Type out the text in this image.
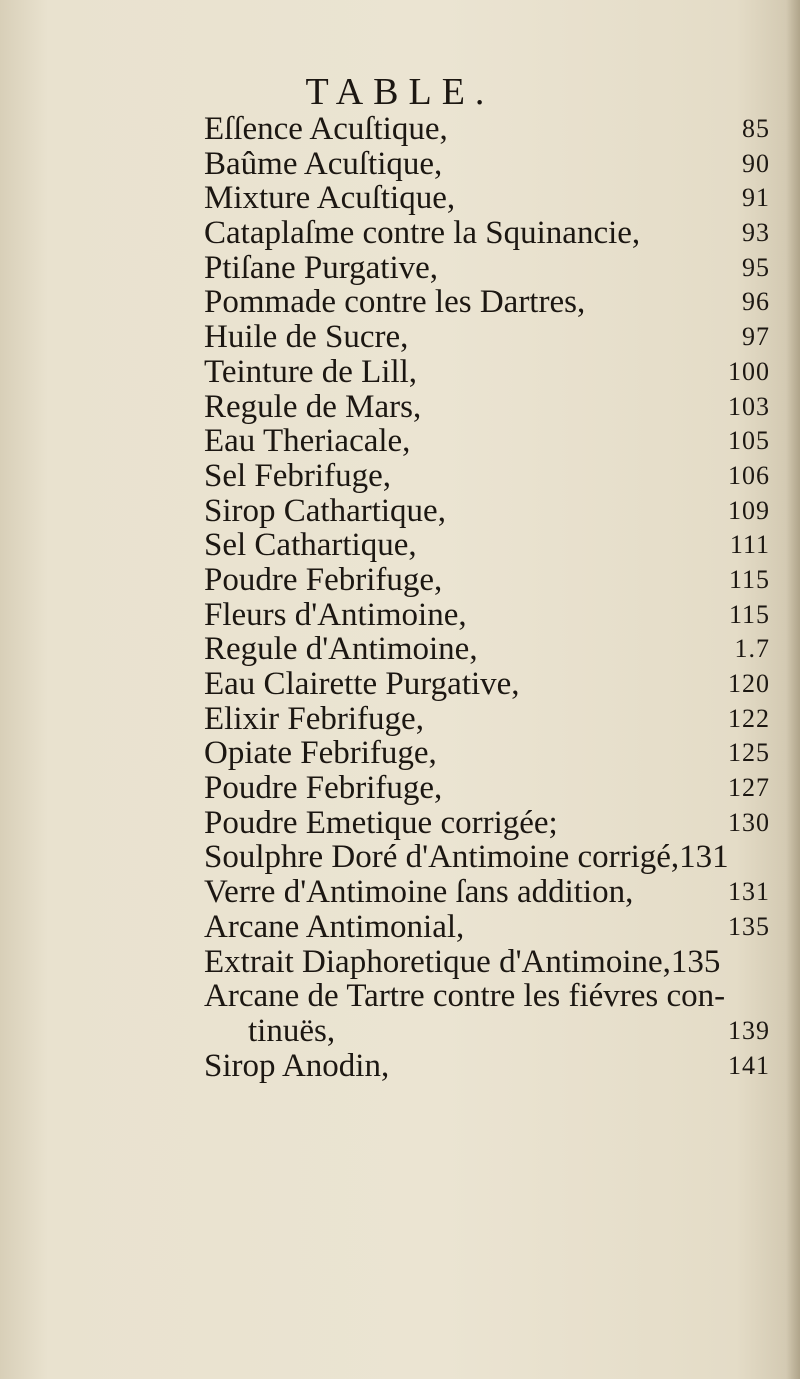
TABLE.
Eſſence Acuſtique,	85
Baûme Acuſtique,	90
Mixture Acuſtique,	91
Cataplaſme contre la Squinancie,	93
Ptiſane Purgative,	95
Pommade contre les Dartres,	96
Huile de Sucre,	97
Teinture de Lill,	100
Regule de Mars,	103
Eau Theriacale,	105
Sel Febrifuge,	106
Sirop Cathartique,	109
Sel Cathartique,	111
Poudre Febrifuge,	115
Fleurs d'Antimoine,	115
Regule d'Antimoine,	1.7
Eau Clairette Purgative,	120
Elixir Febrifuge,	122
Opiate Febrifuge,	125
Poudre Febrifuge,	127
Poudre Emetique corrigée;	130
Soulphre Doré d'Antimoine corrigé,131
Verre d'Antimoine ſans addition,	131
Arcane Antimonial,	135
Extrait Diaphoretique d'Antimoine,135
Arcane de Tartre contre les fiévres con-
tinuës,	139
Sirop Anodin,	141
